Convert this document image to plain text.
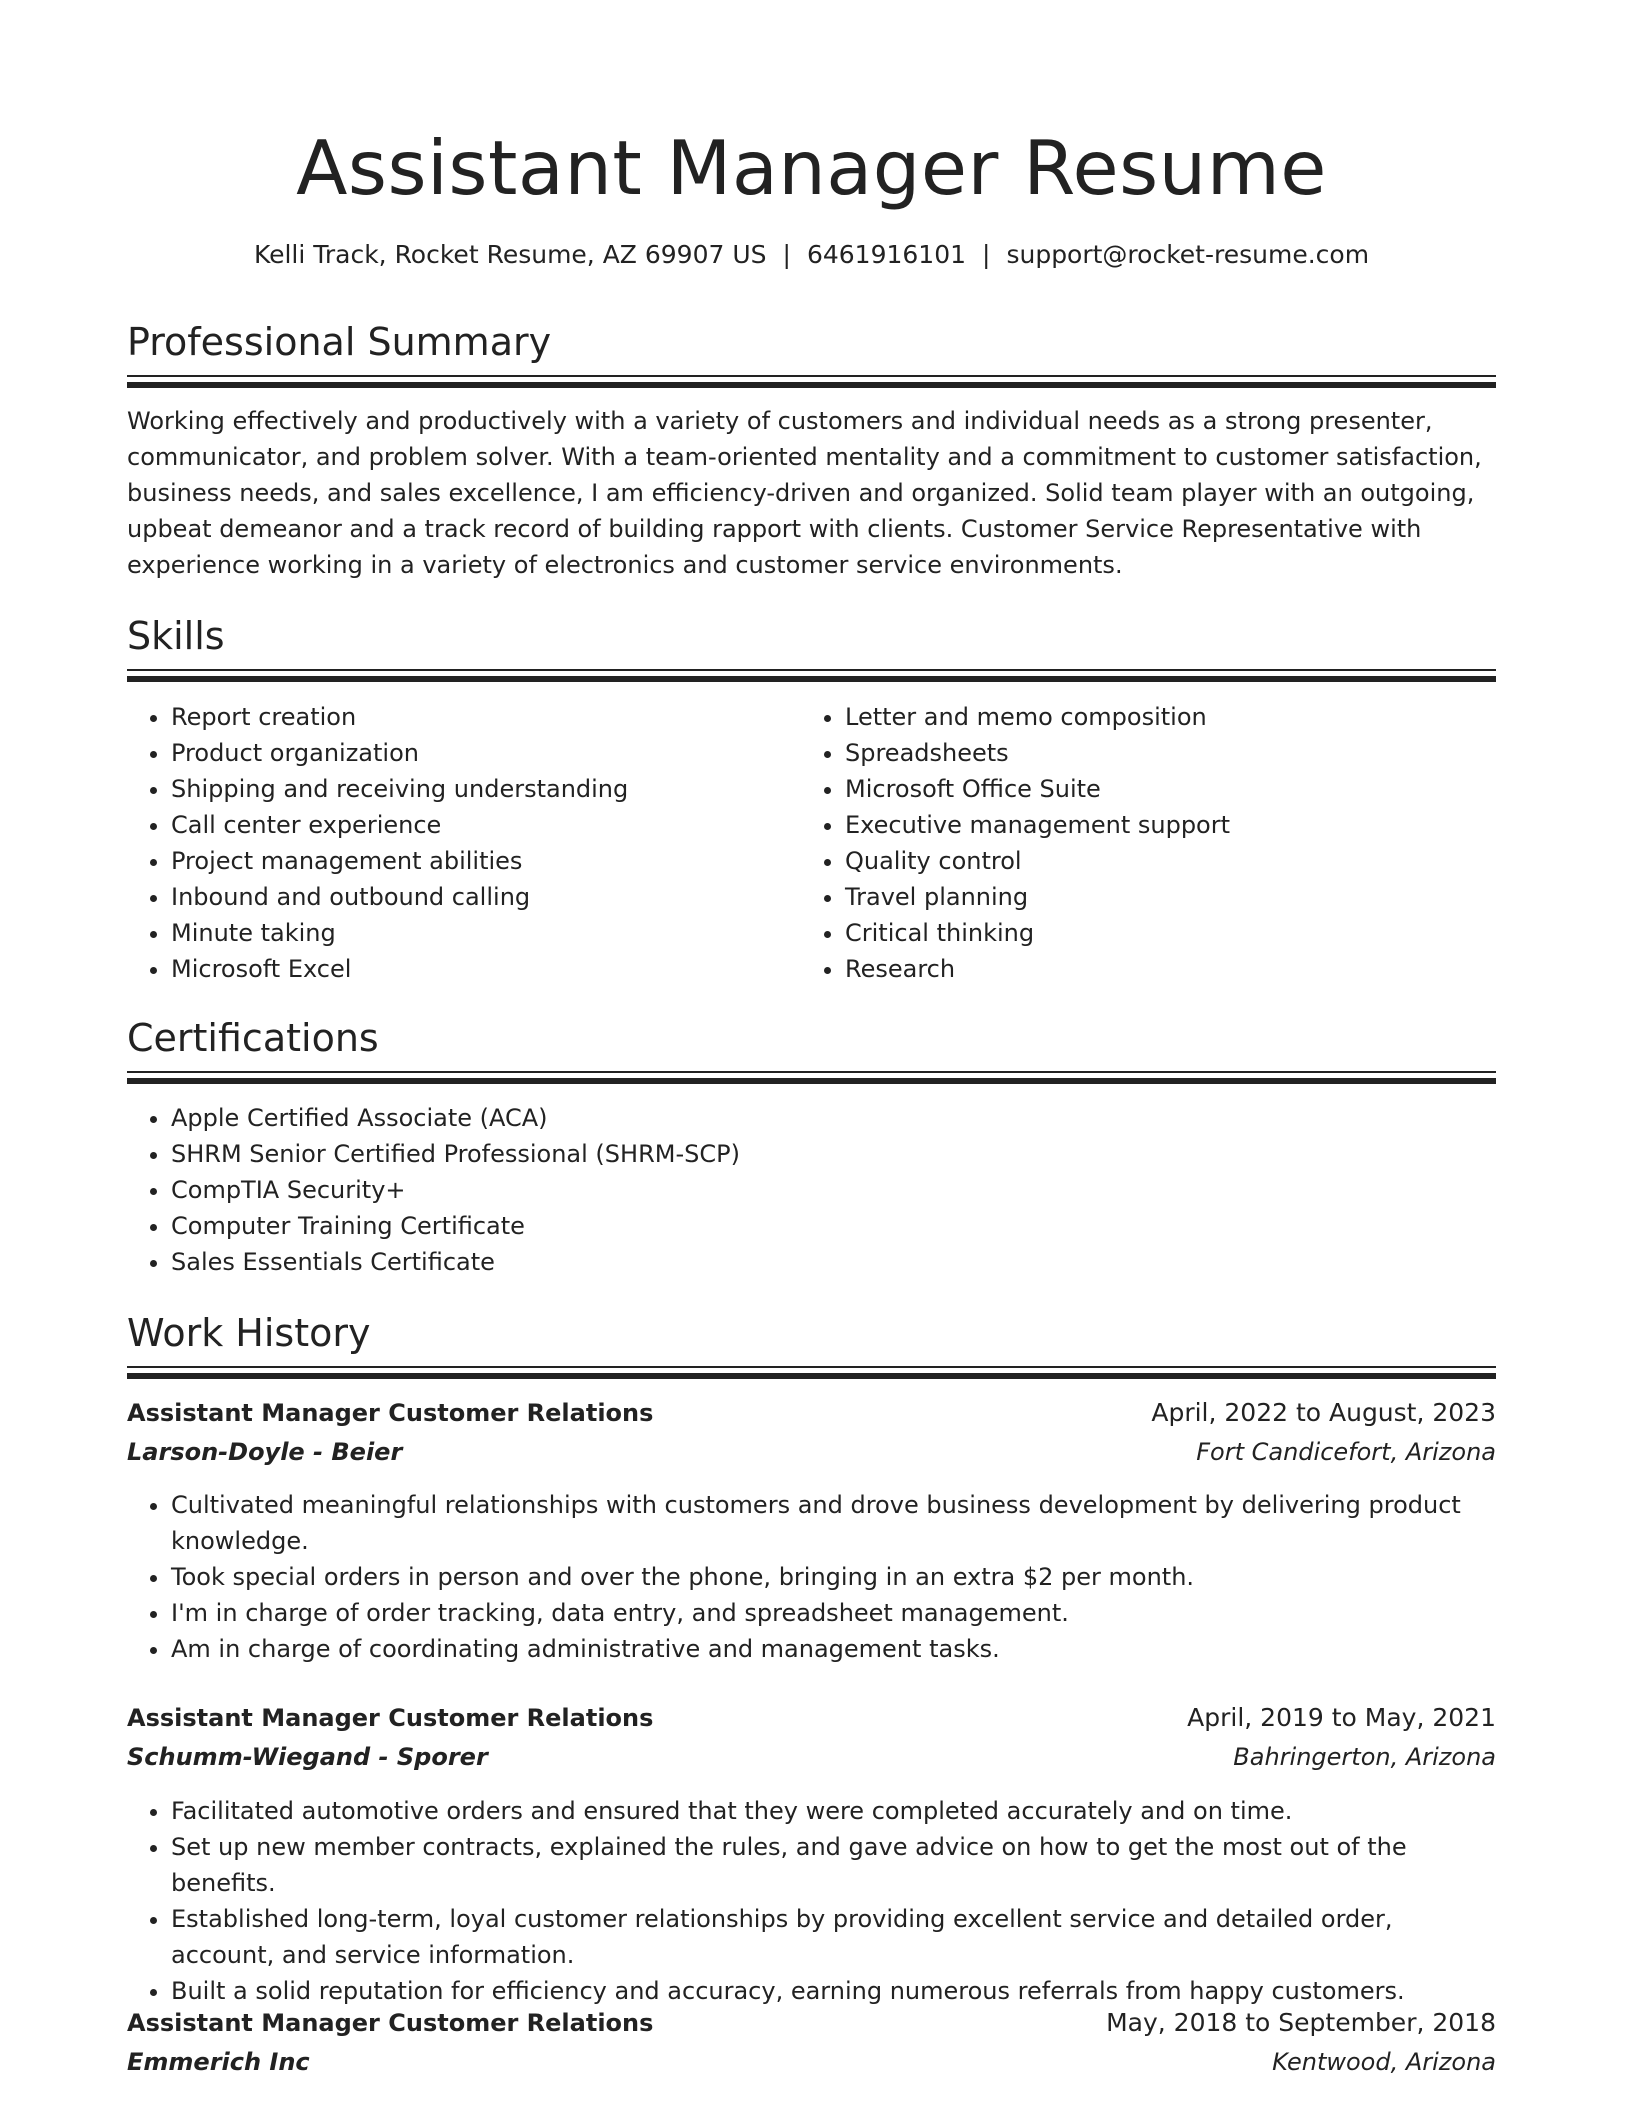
Assistant Manager Resume
Kelli Track, Rocket Resume, AZ 69907 US | 6461916101 | support@rocket-resume.com
Professional Summary

Working effectively and productively with a variety of customers and individual needs as a strong presenter, communicator, and problem solver. With a team-oriented mentality and a commitment to customer satisfaction, business needs, and sales excellence, I am efficiency-driven and organized. Solid team player with an outgoing, upbeat demeanor and a track record of building rapport with clients. Customer Service Representative with experience working in a variety of electronics and customer service environments.

Skills
• Report creation
• Product organization
• Shipping and receiving understanding
• Call center experience
• Project management abilities
• Inbound and outbound calling
• Minute taking
• Microsoft Excel
• Letter and memo composition
• Spreadsheets
• Microsoft Office Suite
• Executive management support
• Quality control
• Travel planning
• Critical thinking
• Research
Certifications
• Apple Certified Associate (ACA)
• SHRM Senior Certified Professional (SHRM-SCP)
• CompTIA Security+
• Computer Training Certificate
• Sales Essentials Certificate
Work History
Assistant Manager Customer Relations	April, 2022 to August, 2023
Larson-Doyle - Beier	Fort Candicefort, Arizona
• Cultivated meaningful relationships with customers and drove business development by delivering product knowledge.
• Took special orders in person and over the phone, bringing in an extra $2 per month.
• I'm in charge of order tracking, data entry, and spreadsheet management.
• Am in charge of coordinating administrative and management tasks.
Assistant Manager Customer Relations	April, 2019 to May, 2021
Schumm-Wiegand - Sporer	Bahringerton, Arizona
• Facilitated automotive orders and ensured that they were completed accurately and on time.
• Set up new member contracts, explained the rules, and gave advice on how to get the most out of the benefits.
• Established long-term, loyal customer relationships by providing excellent service and detailed order, account, and service information.
• Built a solid reputation for efficiency and accuracy, earning numerous referrals from happy customers.
Assistant Manager Customer Relations	May, 2018 to September, 2018
Emmerich Inc	Kentwood, Arizona
